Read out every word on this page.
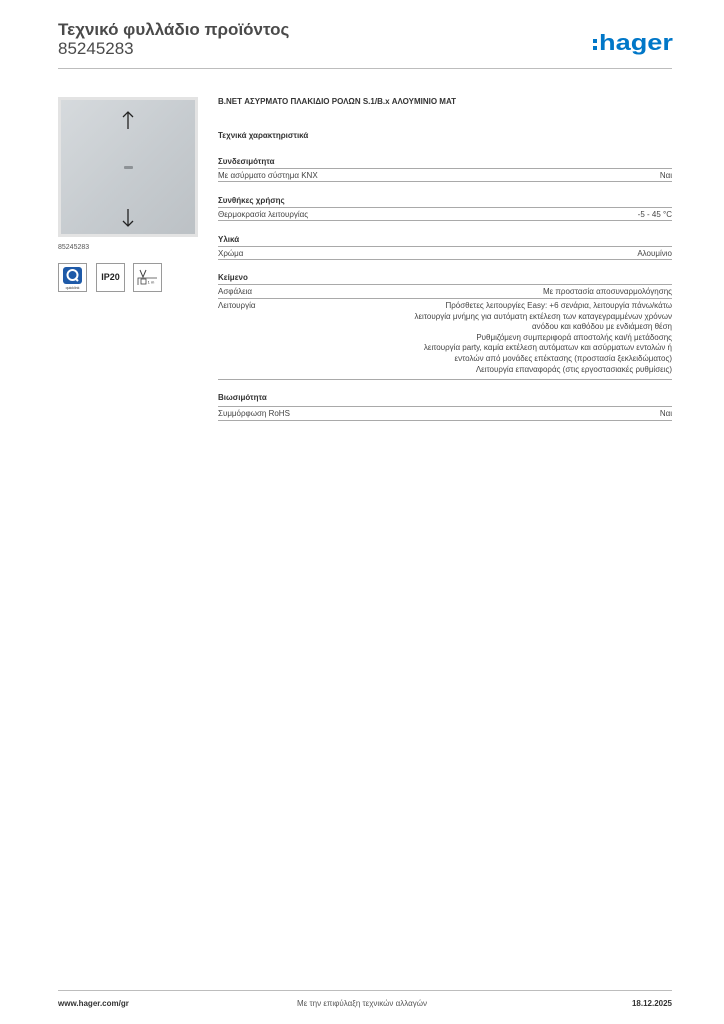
Τεχνικό φυλλάδιο προϊόντος
85245283	hager
85245283
quicklink
IP20	1 m
B.NET ΑΣΥΡΜΑΤΟ ΠΛΑΚΙΔΙΟ ΡΟΛΩΝ S.1/B.x ΑΛΟΥΜΙΝΙΟ ΜΑΤ
Τεχνικά χαρακτηριστικά
Συνδεσιμότητα
Με ασύρματο σύστημα KNX	Ναι
Συνθήκες χρήσης
Θερμοκρασία λειτουργίας	-5 - 45 °C
Υλικά
Χρώμα	Αλουμίνιο
Κείμενο
Ασφάλεια	Με προστασία αποσυναρμολόγησης
Λειτουργία	Πρόσθετες λειτουργίες Easy: +6 σενάρια, λειτουργία πάνω/κάτω
λειτουργία μνήμης για αυτόματη εκτέλεση των καταγεγραμμένων χρόνων
ανόδου και καθόδου με ενδιάμεση θέση
Ρυθμιζόμενη συμπεριφορά αποστολής και/ή μετάδοσης
λειτουργία party, καμία εκτέλεση αυτόματων και ασύρματων εντολών ή
εντολών από μονάδες επέκτασης (προστασία ξεκλειδώματος)
Λειτουργία επαναφοράς (στις εργοστασιακές ρυθμίσεις)
Βιωσιμότητα
Συμμόρφωση RoHS	Ναι
www.hager.com/gr	Με την επιφύλαξη τεχνικών αλλαγών	18.12.2025
